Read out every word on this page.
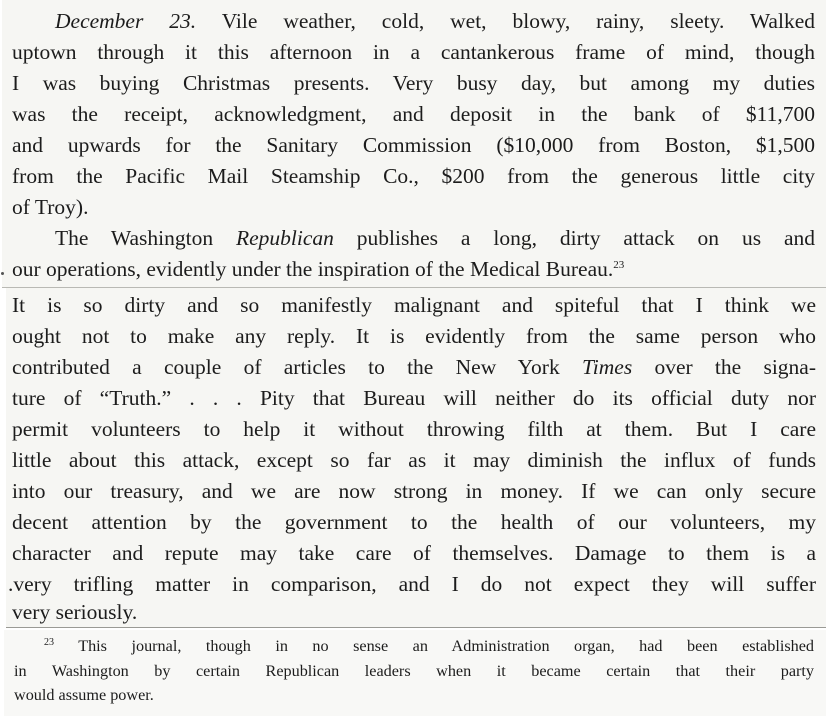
December 23. Vile weather, cold, wet, blowy, rainy, sleety. Walked
uptown through it this afternoon in a cantankerous frame of mind, though
I was buying Christmas presents. Very busy day, but among my duties
was the receipt, acknowledgment, and deposit in the bank of $11,700
and upwards for the Sanitary Commission ($10,000 from Boston, $1,500
from the Pacific Mail Steamship Co., $200 from the generous little city
of Troy).
The Washington Republican publishes a long, dirty attack on us and
our operations, evidently under the inspiration of the Medical Bureau.$^{23}$
It is so dirty and so manifestly malignant and spiteful that I think we
ought not to make any reply. It is evidently from the same person who
contributed a couple of articles to the New York Times over the signa-
ture of “Truth.” . . . Pity that Bureau will neither do its official duty nor
permit volunteers to help it without throwing filth at them. But I care
little about this attack, except so far as it may diminish the influx of funds
into our treasury, and we are now strong in money. If we can only secure
decent attention by the government to the health of our volunteers, my
character and repute may take care of themselves. Damage to them is a
.very trifling matter in comparison, and I do not expect they will suffer
very seriously.
$^{23}$ This journal, though in no sense an Administration organ, had been established
in Washington by certain Republican leaders when it became certain that their party
would assume power.
